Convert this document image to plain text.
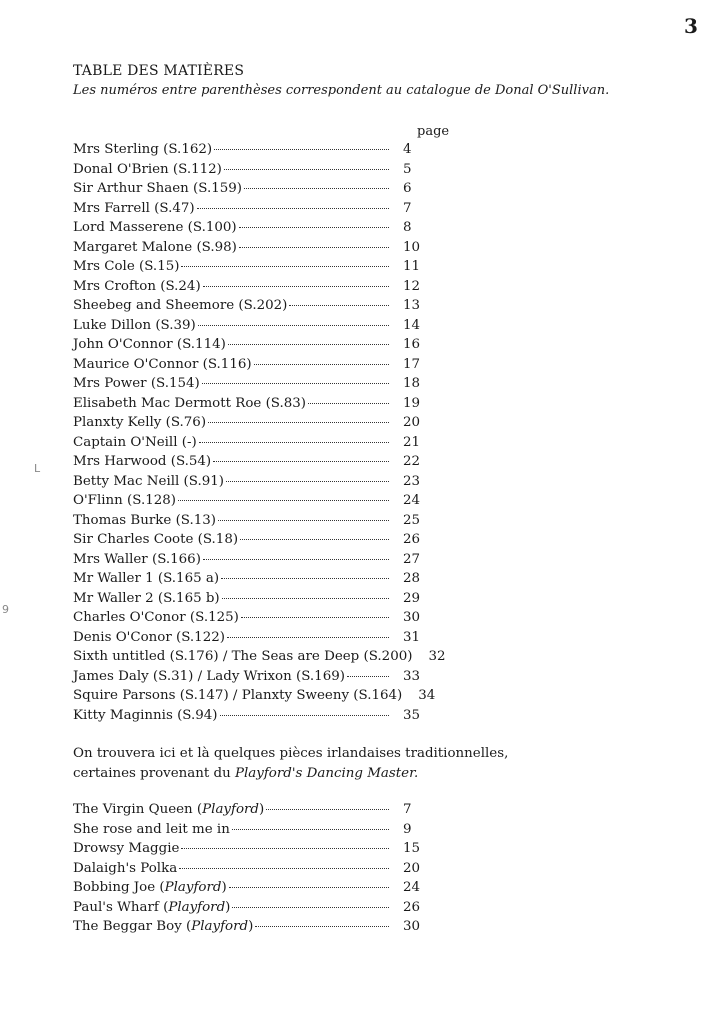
3
TABLE DES MATIÈRES
Les numéros entre parenthèses correspondent au catalogue de Donal O'Sullivan.
page
Mrs Sterling (S.162)	4
Donal O'Brien (S.112)	5
Sir Arthur Shaen (S.159)	6
Mrs Farrell (S.47)	7
Lord Masserene (S.100)	8
Margaret Malone (S.98)	10
Mrs Cole (S.15)	11
Mrs Crofton (S.24)	12
Sheebeg and Sheemore (S.202)	13
Luke Dillon (S.39)	14
John O'Connor (S.114)	16
Maurice O'Connor (S.116)	17
Mrs Power (S.154)	18
Elisabeth Mac Dermott Roe (S.83)	19
Planxty Kelly (S.76)	20
Captain O'Neill (-)	21
Mrs Harwood (S.54)	22
Betty Mac Neill (S.91)	23
O'Flinn (S.128)	24
Thomas Burke (S.13)	25
Sir Charles Coote (S.18)	26
Mrs Waller (S.166)	27
Mr Waller 1 (S.165 a)	28
Mr Waller 2 (S.165 b)	29
Charles O'Conor (S.125)	30
Denis O'Conor (S.122)	31
Sixth untitled (S.176) / The Seas are Deep (S.200)	32
James Daly (S.31) / Lady Wrixon (S.169)	33
Squire Parsons (S.147) / Planxty Sweeny (S.164)	34
Kitty Maginnis (S.94)	35
On trouvera ici et là quelques pièces irlandaises traditionnelles,
certaines provenant du Playford's Dancing Master.
The Virgin Queen (Playford)	7
She rose and leit me in	9
Drowsy Maggie	15
Dalaigh's Polka	20
Bobbing Joe (Playford)	24
Paul's Wharf (Playford)	26
The Beggar Boy (Playford)	30
ᒪ
9
